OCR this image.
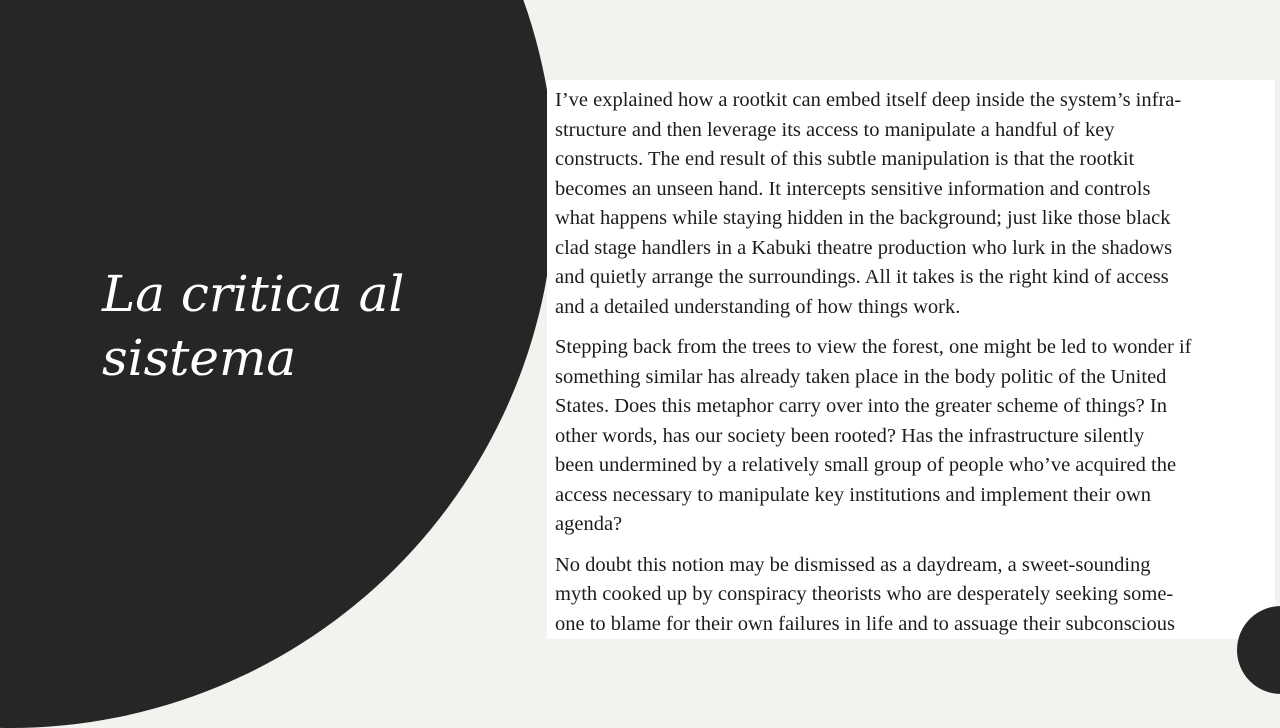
La critica al sistema

I’ve explained how a rootkit can embed itself deep inside the system’s infra-
structure and then leverage its access to manipulate a handful of key
constructs. The end result of this subtle manipulation is that the rootkit
becomes an unseen hand. It intercepts sensitive information and controls
what happens while staying hidden in the background; just like those black
clad stage handlers in a Kabuki theatre production who lurk in the shadows
and quietly arrange the surroundings. All it takes is the right kind of access
and a detailed understanding of how things work.

Stepping back from the trees to view the forest, one might be led to wonder if
something similar has already taken place in the body politic of the United
States. Does this metaphor carry over into the greater scheme of things? In
other words, has our society been rooted? Has the infrastructure silently
been undermined by a relatively small group of people who’ve acquired the
access necessary to manipulate key institutions and implement their own
agenda?

No doubt this notion may be dismissed as a daydream, a sweet-sounding
myth cooked up by conspiracy theorists who are desperately seeking some-
one to blame for their own failures in life and to assuage their subconscious
